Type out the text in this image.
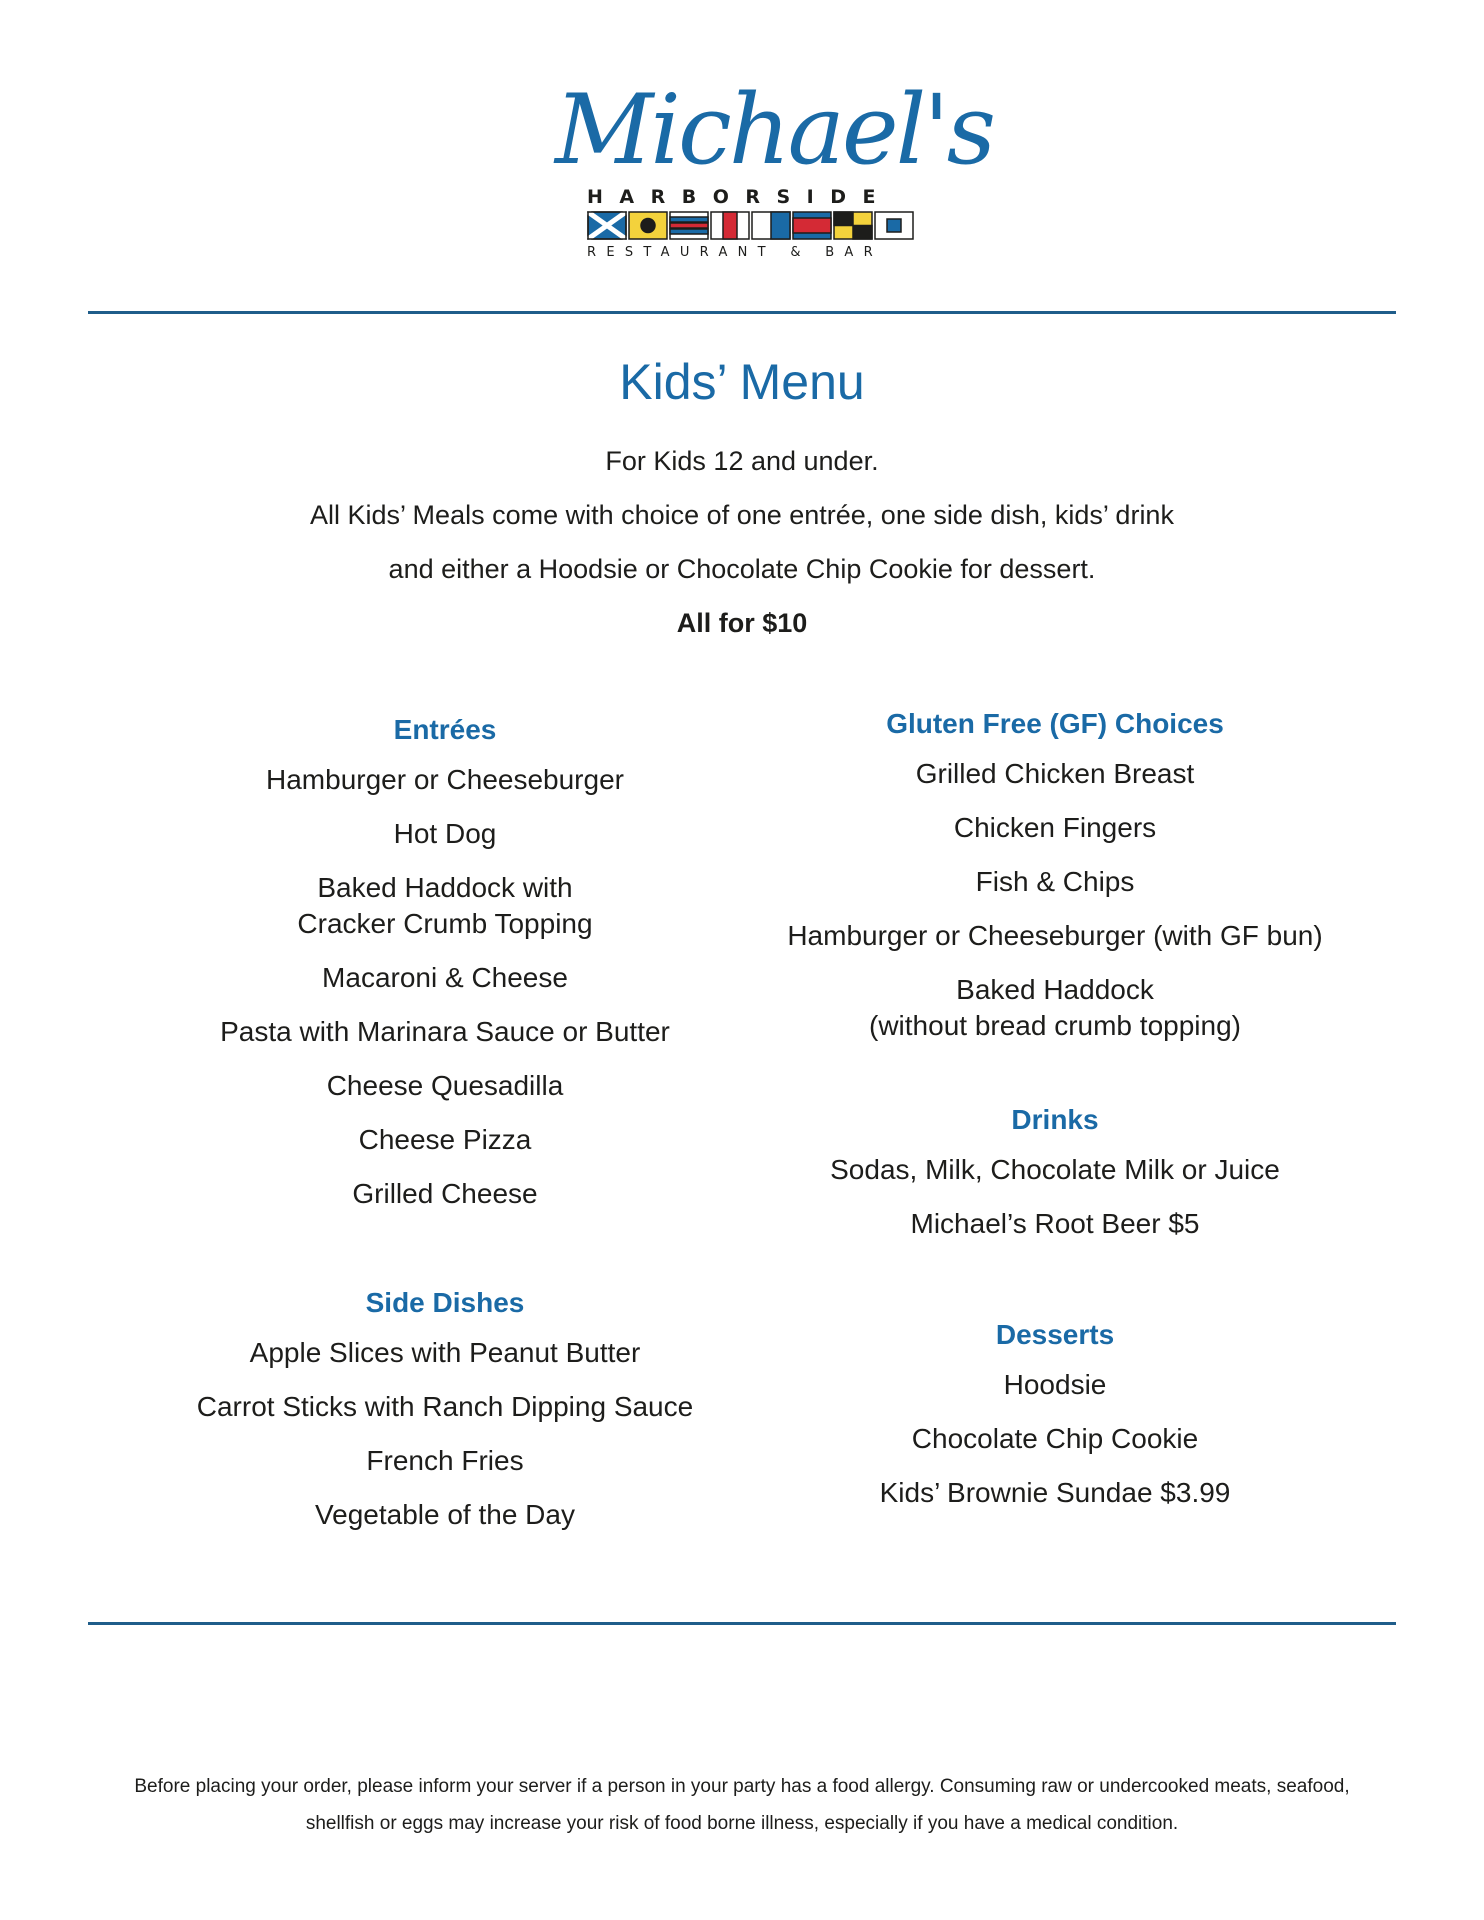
Michael's
HARBORSIDE
RESTAURANT & BAR
Kids’ Menu
For Kids 12 and under.
All Kids’ Meals come with choice of one entrée, one side dish, kids’ drink
and either a Hoodsie or Chocolate Chip Cookie for dessert.
All for $10
Entrées
Hamburger or Cheeseburger
Hot Dog
Baked Haddock with
Cracker Crumb Topping
Macaroni & Cheese
Pasta with Marinara Sauce or Butter
Cheese Quesadilla
Cheese Pizza
Grilled Cheese
Side Dishes
Apple Slices with Peanut Butter
Carrot Sticks with Ranch Dipping Sauce
French Fries
Vegetable of the Day
Gluten Free (GF) Choices
Grilled Chicken Breast
Chicken Fingers
Fish & Chips
Hamburger or Cheeseburger (with GF bun)
Baked Haddock
(without bread crumb topping)
Drinks
Sodas, Milk, Chocolate Milk or Juice
Michael’s Root Beer $5
Desserts
Hoodsie
Chocolate Chip Cookie
Kids’ Brownie Sundae $3.99
Before placing your order, please inform your server if a person in your party has a food allergy. Consuming raw or undercooked meats, seafood,
shellfish or eggs may increase your risk of food borne illness, especially if you have a medical condition.
